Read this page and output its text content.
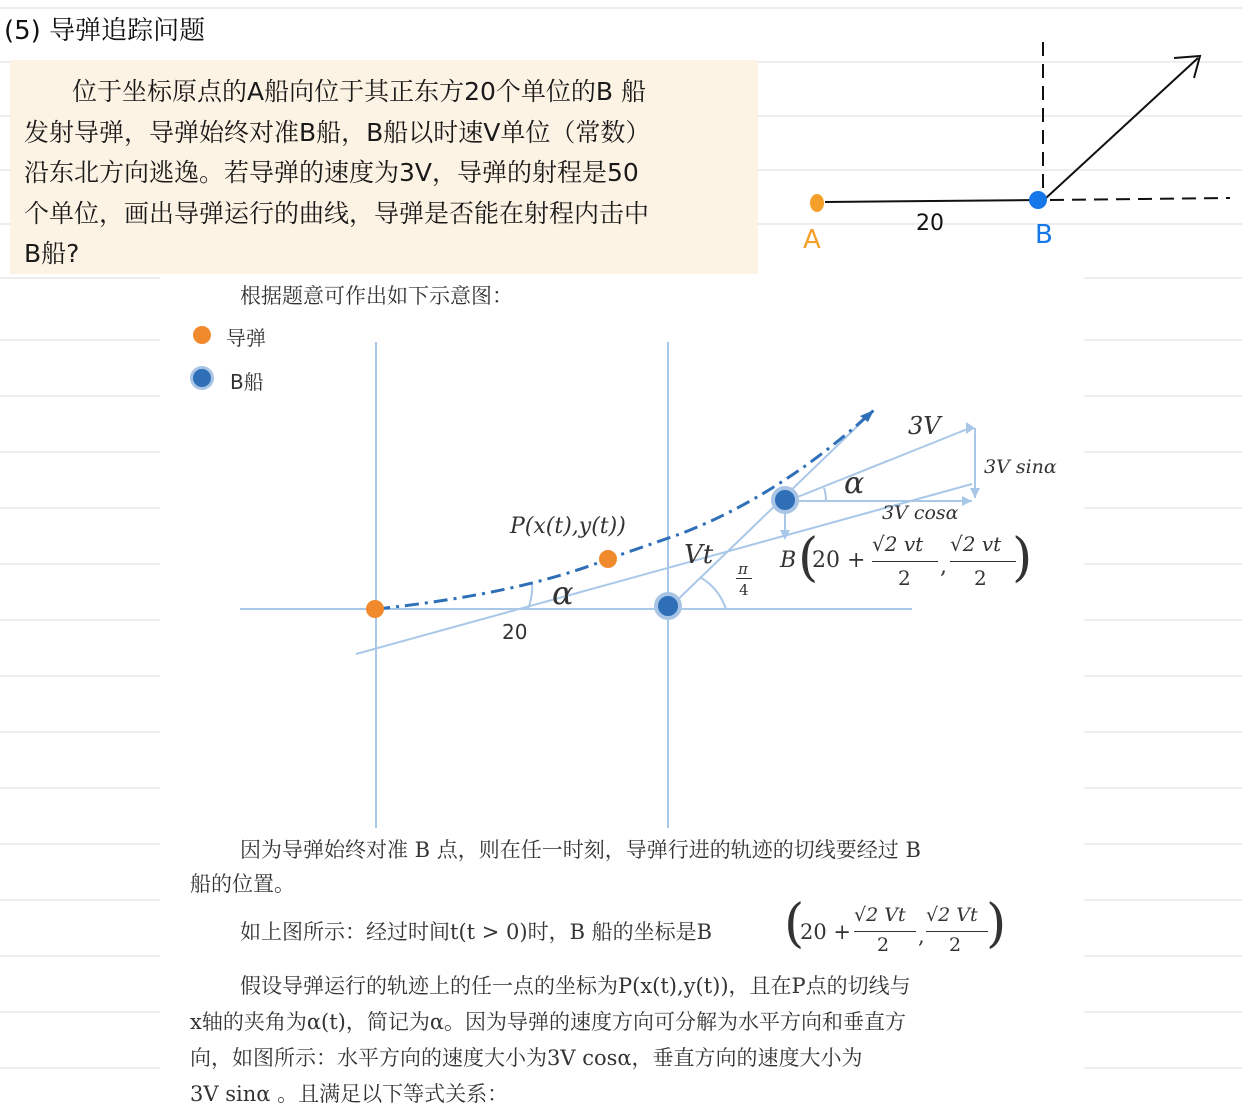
(5) 导弹追踪问题

位于坐标原点的A船向位于其正东方20个单位的B 船
发射导弹，导弹始终对准B船，B船以时速V单位（常数）
沿东北方向逃逸。若导弹的速度为3V，导弹的射程是50
个单位，画出导弹运行的曲线，导弹是否能在射程内击中
B船?	A
20	B
根据题意可作出如下示意图：
导弹
B船
3V
3V sinα
3V cosα
α
P(x(t),y(t))
Vt π
4
B (
20 +
√2 vt
2 ,
√2 vt
2 )
α
20
因为导弹始终对准 B 点，则在任一时刻，导弹行进的轨迹的切线要经过 B
船的位置。
如上图所示：经过时间t(t > 0)时，B 船的坐标是B (
20 +
√2 Vt
2 ,
√2 Vt
2 )
假设导弹运行的轨迹上的任一点的坐标为P(x(t),y(t))，且在P点的切线与
x轴的夹角为α(t)，简记为α。因为导弹的速度方向可分解为水平方向和垂直方
向，如图所示：水平方向的速度大小为3V cosα，垂直方向的速度大小为
3V sinα 。且满足以下等式关系：
